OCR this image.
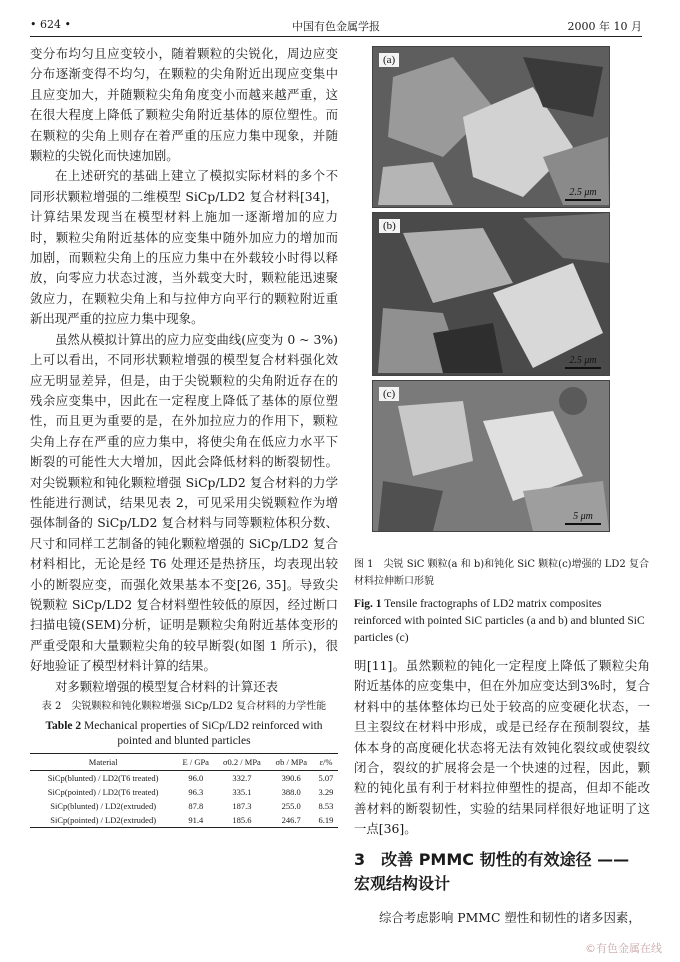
• 624 •	中国有色金属学报	2000 年 10 月

变分布均匀且应变较小，随着颗粒的尖锐化，周边应变分布逐渐变得不均匀，在颗粒的尖角附近出现应变集中且应变加大，并随颗粒尖角角度变小而越来越严重，这在很大程度上降低了颗粒尖角附近基体的原位塑性。而在颗粒的尖角上则存在着严重的压应力集中现象，并随颗粒的尖锐化而快速加剧。

在上述研究的基础上建立了模拟实际材料的多个不同形状颗粒增强的二维模型 SiCp/LD2 复合材料[34]，计算结果发现当在模型材料上施加一逐渐增加的应力时，颗粒尖角附近基体的应变集中随外加应力的增加而加剧，而颗粒尖角上的压应力集中在外载较小时得以释放，向零应力状态过渡，当外载变大时，颗粒能迅速聚敛应力，在颗粒尖角上和与拉伸方向平行的颗粒附近重新出现严重的拉应力集中现象。

虽然从模拟计算出的应力应变曲线(应变为 0 ~ 3%)上可以看出，不同形状颗粒增强的模型复合材料强化效应无明显差异，但是，由于尖锐颗粒的尖角附近存在的残余应变集中，因此在一定程度上降低了基体的原位塑性，而且更为重要的是，在外加拉应力的作用下，颗粒尖角上存在严重的应力集中，将使尖角在低应力水平下断裂的可能性大大增加，因此会降低材料的断裂韧性。对尖锐颗粒和钝化颗粒增强 SiCp/LD2 复合材料的力学性能进行测试，结果见表 2，可见采用尖锐颗粒作为增强体制备的 SiCp/LD2 复合材料与同等颗粒体积分数、尺寸和同样工艺制备的钝化颗粒增强的 SiCp/LD2 复合材料相比，无论是经 T6 处理还是热挤压，均表现出较小的断裂应变，而强化效果基本不变[26, 35]。导致尖锐颗粒 SiCp/LD2 复合材料塑性较低的原因，经过断口扫描电镜(SEM)分析，证明是颗粒尖角附近基体变形的严重受限和大量颗粒尖角的较早断裂(如图 1 所示)，很好地验证了模型材料计算的结果。

对多颗粒增强的模型复合材料的计算还表

表 2　尖锐颗粒和钝化颗粒增强 SiCp/LD2 复合材料的力学性能
Table 2 Mechanical properties of SiCp/LD2 reinforced with pointed and blunted particles
Material	E / GPa	σ0.2 / MPa	σb / MPa	ε/%
SiCp(blunted) / LD2(T6 treated)	96.0	332.7	390.6	5.07
SiCp(pointed) / LD2(T6 treated)	96.3	335.1	388.0	3.29
SiCp(blunted) / LD2(extruded)	87.8	187.3	255.0	8.53
SiCp(pointed) / LD2(extruded)	91.4	185.6	246.7	6.19
(a)
2.5 μm
(b)
2.5 μm
(c)
5 μm
图 1　尖锐 SiC 颗粒(a 和 b)和钝化 SiC 颗粒(c)增强的 LD2 复合材料拉伸断口形貌
Fig. 1 Tensile fractographs of LD2 matrix composites reinforced with pointed SiC particles (a and b) and blunted SiC particles (c)

明[11]。虽然颗粒的钝化一定程度上降低了颗粒尖角附近基体的应变集中，但在外加应变达到3%时，复合材料中的基体整体均已处于较高的应变硬化状态，一旦主裂纹在材料中形成，或是已经存在预制裂纹，基体本身的高度硬化状态将无法有效钝化裂纹或使裂纹闭合，裂纹的扩展将会是一个快速的过程，因此，颗粒的钝化虽有利于材料拉伸塑性的提高，但却不能改善材料的断裂韧性，实验的结果同样很好地证明了这一点[36]。

3　改善 PMMC 韧性的有效途径 —— 宏观结构设计

综合考虑影响 PMMC 塑性和韧性的诸多因素，

©有色金属在线
